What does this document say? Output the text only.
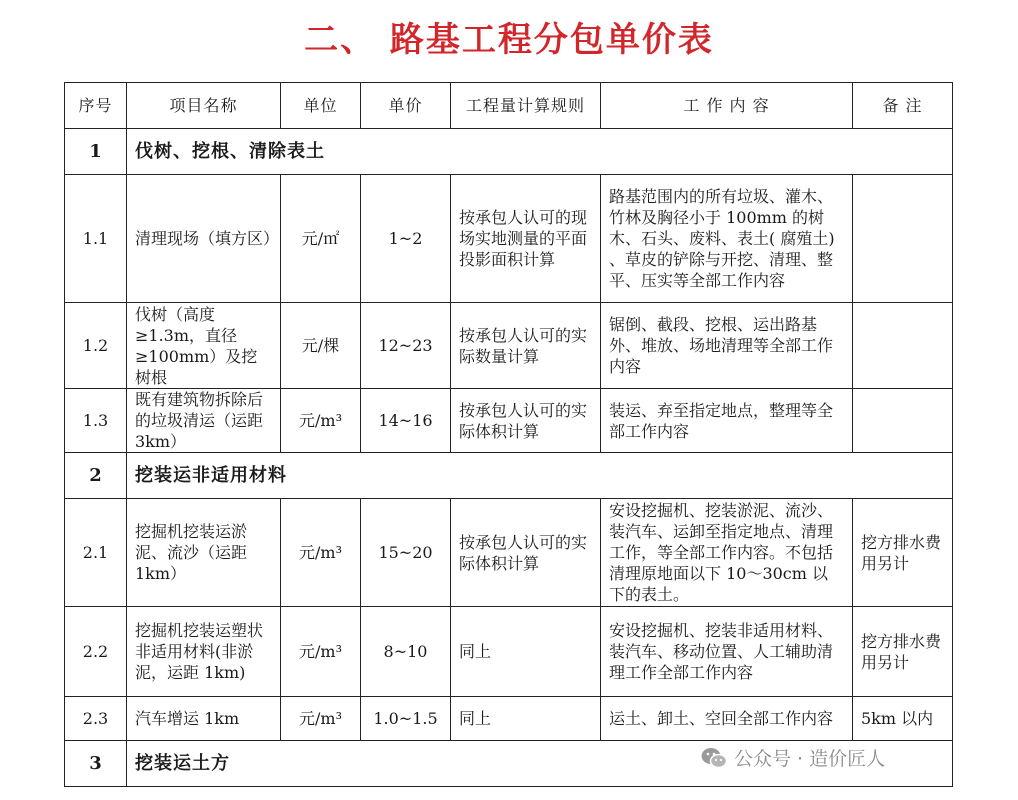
二、 路基工程分包单价表
序号	项目名称	单位	单价	工程量计算规则	工 作 内 容	备 注
1	伐树、挖根、清除表土					
1.1	清理现场（填方区）	元/㎡	1~2	按承包人认可的现场实地测量的平面投影面积计算	路基范围内的所有垃圾、灌木、竹林及胸径小于 100mm 的树木、石头、废料、表土( 腐殖土) 、草皮的铲除与开挖、清理、整平、压实等全部工作内容	
1.2	伐树（高度≥1.3m，直径≥100mm）及挖树根	元/棵	12~23	按承包人认可的实际数量计算	锯倒、截段、挖根、运出路基外、堆放、场地清理等全部工作内容	
1.3	既有建筑物拆除后的垃圾清运（运距 3km）	元/m³	14~16	按承包人认可的实际体积计算	装运、弃至指定地点，整理等全部工作内容	
2	挖装运非适用材料					
2.1	挖掘机挖装运淤泥、流沙（运距 1km）	元/m³	15~20	按承包人认可的实际体积计算	安设挖掘机、挖装淤泥、流沙、装汽车、运卸至指定地点、清理工作，等全部工作内容。不包括清理原地面以下 10～30cm 以下的表土。	挖方排水费用另计
2.2	挖掘机挖装运塑状非适用材料(非淤泥，运距 1km)	元/m³	8~10	同上	安设挖掘机、挖装非适用材料、装汽车、移动位置、人工辅助清理工作全部工作内容	挖方排水费用另计
2.3	汽车增运 1km	元/m³	1.0~1.5	同上	运土、卸土、空回全部工作内容	5km 以内
3	挖装运土方						公众号 · 造价匠人
